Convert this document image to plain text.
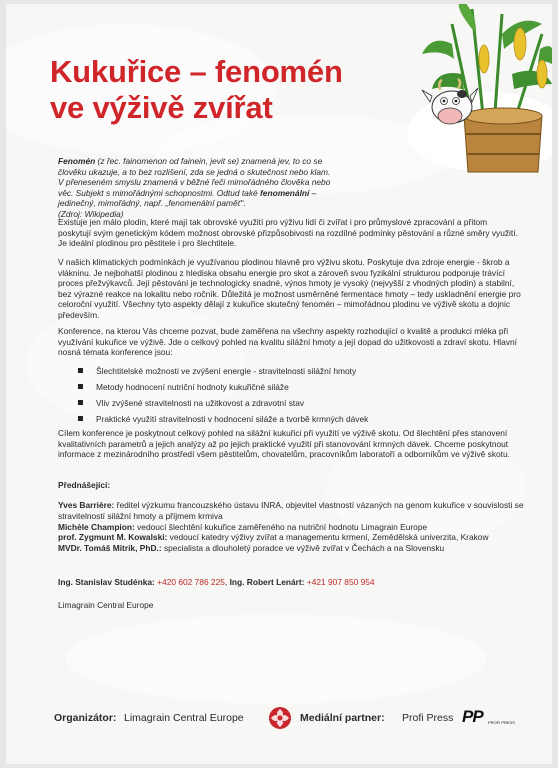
Kukuřice – fenomén
ve výživě zvířat

Fenomén (z řec. fainomenon od fainein, jevit se) znamená jev, to co se člověku ukazuje, a to bez rozlišení, zda se jedná o skutečnost nebo klam. V přeneseném smyslu znamená v běžné řeči mimořádného člověka nebo věc. Subjekt s mimořádnými schopnostmi. Odtud také fenomenální – jedinečný, mimořádný, např. „fenomenální paměť“.
(Zdroj: Wikipedia)

Existuje jen málo plodin, které mají tak obrovské využití pro výživu lidí či zvířat i pro průmyslové zpracování a přitom poskytují svým genetickým kódem možnost obrovské přizpůsobivosti na rozdílné podmínky pěstování a různé směry využití. Je ideální plodinou pro pěstitele i pro šlechtitele.

V našich klimatických podmínkách je využívanou plodinou hlavně pro výživu skotu. Poskytuje dva zdroje energie - škrob a vlákninu. Je nejbohatší plodinou z hlediska obsahu energie pro skot a zároveň svou fyzikální strukturou podporuje trávící proces přežvýkavců. Její pěstování je technologicky snadné, výnos hmoty je vysoký (nejvyšší z vhodných plodin) a stabilní, bez výrazné reakce na lokalitu nebo ročník. Důležitá je možnost usměrněné fermentace hmoty – tedy uskladnění energie pro celoroční využití. Všechny tyto aspekty dělají z kukuřice skutečný fenomén – mimořádnou plodinu ve výživě skotu a dojnic především.

Konference, na kterou Vás chceme pozvat, bude zaměřena na všechny aspekty rozhodující o kvalitě a produkci mléka při využívání kukuřice ve výživě. Jde o celkový pohled na kvalitu silážní hmoty a její dopad do užitkovosti a zdraví skotu. Hlavní nosná témata konference jsou:

Šlechtitelské možnosti ve zvýšení energie - stravitelnosti silážní hmoty
Metody hodnocení nutriční hodnoty kukuřičné siláže
Vliv zvýšené stravitelnosti na užitkovost a zdravotní stav
Praktické využití stravitelnosti v hodnocení siláže a tvorbě krmných dávek

Cílem konference je poskytnout celkový pohled na silážní kukuřici při využití ve výživě skotu. Od šlechtění přes stanovení kvalitativních parametrů a jejich analýzy až po jejich praktické využití při stanovování krmných dávek. Chceme poskytnout informace z mezinárodního prostředí všem pěstitelům, chovatelům, pracovníkům laboratoří a odborníkům ve výživě skotu.

Přednášející:

Yves Barrière: ředitel výzkumu francouzského ústavu INRA, objevitel vlastností vázaných na genom kukuřice v souvislosti se stravitelností silážní hmoty a příjmem krmiva
Michèle Champion: vedoucí šlechtění kukuřice zaměřeného na nutriční hodnotu Limagrain Europe
prof. Zygmunt M. Kowalski: vedoucí katedry výživy zvířat a managementu krmení, Zemědělská univerzita, Krakow
MVDr. Tomáš Mitrík, PhD.: specialista a dlouholetý poradce ve výživě zvířat v Čechách a na Slovensku
Ing. Stanislav Studénka: +420 602 786 225, Ing. Robert Lenárt: +421 907 850 954
Limagrain Central Europe
Organizátor: Limagrain Central Europe	Mediální partner: Profi Press PP PROFI PRESS
